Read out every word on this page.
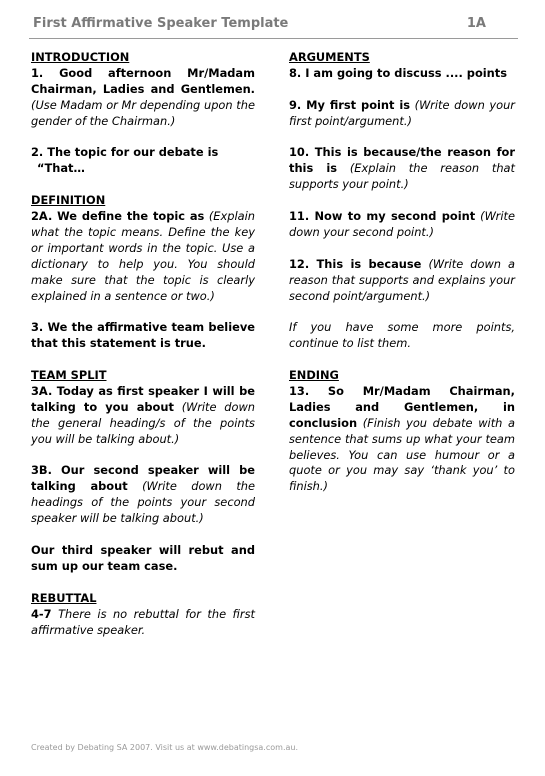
First Affirmative Speaker Template	1A
INTRODUCTION

1. Good afternoon Mr/Madam Chairman, Ladies and Gentlemen. (Use Madam or Mr depending upon the gender of the Chairman.)

2. The topic for our debate is
“That…

DEFINITION

2A. We define the topic as (Explain what the topic means. Define the key or important words in the topic. Use a dictionary to help you. You should make sure that the topic is clearly explained in a sentence or two.)

3. We the affirmative team believe that this statement is true.

TEAM SPLIT

3A. Today as first speaker I will be talking to you about (Write down the general heading/s of the points you will be talking about.)

3B. Our second speaker will be talking about (Write down the headings of the points your second speaker will be talking about.)

Our third speaker will rebut and sum up our team case.

REBUTTAL

4-7 There is no rebuttal for the first affirmative speaker.

ARGUMENTS

8. I am going to discuss .... points

9. My first point is (Write down your first point/argument.)

10. This is because/the reason for this is (Explain the reason that supports your point.)

11. Now to my second point (Write down your second point.)

12. This is because (Write down a reason that supports and explains your second point/argument.)

If you have some more points, continue to list them.

ENDING

13. So Mr/Madam Chairman, Ladies and Gentlemen, in conclusion (Finish you debate with a sentence that sums up what your team believes. You can use humour or a quote or you may say ‘thank you’ to finish.)

Created by Debating SA 2007. Visit us at www.debatingsa.com.au.
